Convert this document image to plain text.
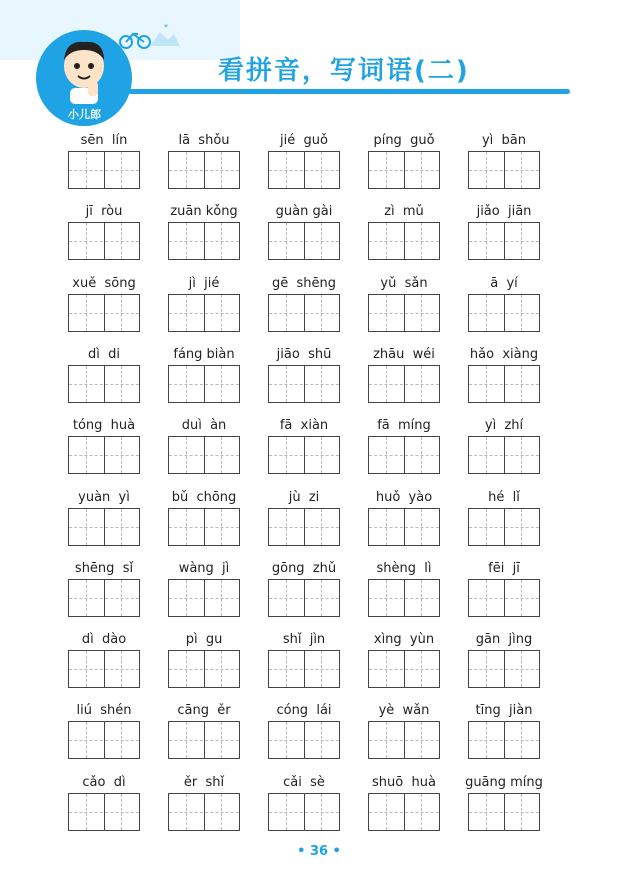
*
小儿郎
看拼音，写词语(二)
sēn  lín	lā  shǒu	jié  guǒ	píng  guǒ	yì  bān
jī  ròu	zuān kǒng	guàn gài	zì  mǔ	jiǎo  jiān
xuě  sōng	jì  jié	gē  shēng	yǔ  sǎn	ā  yí
dì  di	fáng biàn	jiāo  shū	zhāu  wéi	hǎo  xiàng
tóng  huà	duì  àn	fā  xiàn	fā  míng	yì  zhí
yuàn  yì	bǔ  chōng	jù  zi	huǒ  yào	hé  lǐ
shēng  sǐ	wàng  jì	gōng  zhǔ	shèng  lì	fēi  jī
dì  dào	pì  gu	shǐ  jìn	xìng  yùn	gān  jìng
liú  shén	cāng  ěr	cóng  lái	yè  wǎn	tīng  jiàn
cǎo  dì	ěr  shǐ	cǎi  sè	shuō  huà	guāng míng
• 36 •
